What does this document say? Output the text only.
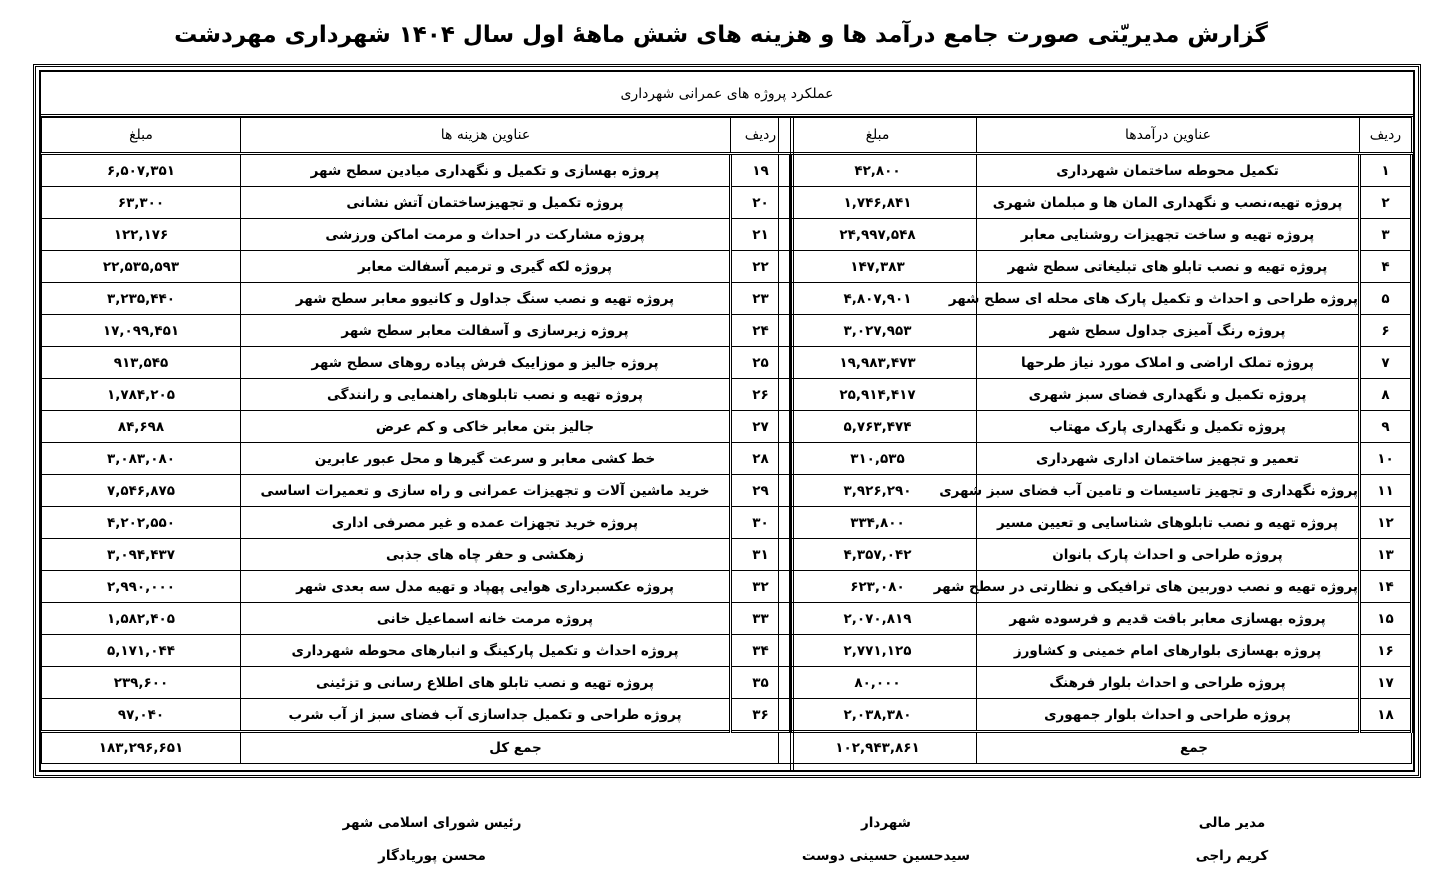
گزارش مدیریّتی صورت جامع درآمد ها و هزینه های شش ماههٔ اول سال ۱۴۰۴ شهرداری مهردشت
عملکرد پروژه های عمرانی شهرداری
ردیف	عناوین درآمدها	مبلغ
۱	تکمیل محوطه ساختمان شهرداری	۴۲,۸۰۰
۲	پروژه تهیه،نصب و نگهداری المان ها و مبلمان شهری	۱,۷۴۶,۸۴۱
۳	پروژه تهیه و ساخت تجهیزات روشنایی معابر	۲۴,۹۹۷,۵۴۸
۴	پروژه تهیه و نصب تابلو های تبلیغاتی سطح شهر	۱۴۷,۳۸۳
۵	پروژه طراحی و احداث و تکمیل پارک های محله ای سطح شهر	۴,۸۰۷,۹۰۱
۶	پروژه رنگ آمیزی جداول سطح شهر	۳,۰۲۷,۹۵۳
۷	پروژه تملک اراضی و املاک مورد نیاز طرحها	۱۹,۹۸۳,۴۷۳
۸	پروژه تکمیل و نگهداری فضای سبز شهری	۲۵,۹۱۴,۴۱۷
۹	پروژه تکمیل و نگهداری پارک مهتاب	۵,۷۶۳,۴۷۴
۱۰	تعمیر و تجهیز ساختمان اداری شهرداری	۳۱۰,۵۳۵
۱۱	پروژه نگهداری و تجهیز تاسیسات و تامین آب فضای سبز شهری	۳,۹۲۶,۲۹۰
۱۲	پروژه تهیه و نصب تابلوهای شناسایی و تعیین مسیر	۳۳۴,۸۰۰
۱۳	پروژه طراحی و احداث پارک بانوان	۴,۳۵۷,۰۴۲
۱۴	پروژه تهیه و نصب دوربین های ترافیکی و نظارتی در سطح شهر	۶۲۳,۰۸۰
۱۵	پروژه بهسازی معابر بافت قدیم و فرسوده شهر	۲,۰۷۰,۸۱۹
۱۶	پروژه بهسازی بلوارهای امام خمینی و کشاورز	۲,۷۷۱,۱۲۵
۱۷	پروژه طراحی و احداث بلوار فرهنگ	۸۰,۰۰۰
۱۸	پروژه طراحی و احداث بلوار جمهوری	۲,۰۳۸,۳۸۰
جمع		۱۰۲,۹۴۳,۸۶۱
ردیف	عناوین هزینه ها	مبلغ
۱۹	پروژه بهسازی و تکمیل و نگهداری میادین سطح شهر	۶,۵۰۷,۳۵۱
۲۰	پروژه تکمیل و تجهیزساختمان آتش نشانی	۶۳,۳۰۰
۲۱	پروژه مشارکت در احداث و مرمت اماکن ورزشی	۱۲۲,۱۷۶
۲۲	پروژه لکه گیری و ترمیم آسفالت معابر	۲۲,۵۳۵,۵۹۳
۲۳	پروژه تهیه و نصب سنگ جداول و کانیوو معابر سطح شهر	۳,۲۳۵,۴۴۰
۲۴	پروژه زیرسازی و آسفالت معابر سطح شهر	۱۷,۰۹۹,۴۵۱
۲۵	پروژه جالیز و موزاییک فرش پیاده روهای سطح شهر	۹۱۳,۵۴۵
۲۶	پروژه تهیه و نصب تابلوهای راهنمایی و رانندگی	۱,۷۸۴,۲۰۵
۲۷	جالیز بتن معابر خاکی و کم عرض	۸۴,۶۹۸
۲۸	خط کشی معابر و سرعت گیرها و محل عبور عابرین	۳,۰۸۳,۰۸۰
۲۹	خرید ماشین آلات و تجهیزات عمرانی و راه سازی و تعمیرات اساسی	۷,۵۴۶,۸۷۵
۳۰	پروژه خرید تجهزات عمده و غیر مصرفی اداری	۴,۲۰۲,۵۵۰
۳۱	زهکشی و حفر چاه های جذبی	۳,۰۹۴,۴۳۷
۳۲	پروژه عکسبرداری هوایی پهپاد و تهیه مدل سه بعدی شهر	۲,۹۹۰,۰۰۰
۳۳	پروژه مرمت خانه اسماعیل خانی	۱,۵۸۲,۴۰۵
۳۴	پروژه احداث و تکمیل پارکینگ و انبارهای محوطه شهرداری	۵,۱۷۱,۰۴۴
۳۵	پروژه تهیه و نصب تابلو های اطلاع رسانی و تزئینی	۲۳۹,۶۰۰
۳۶	پروژه طراحی و تکمیل جداسازی آب فضای سبز از آب شرب	۹۷,۰۴۰
جمع کل		۱۸۳,۲۹۶,۶۵۱
مدیر مالی
کریم راجی
شهردار
سیدحسین حسینی دوست
رئیس شورای اسلامی شهر
محسن پوریادگار
